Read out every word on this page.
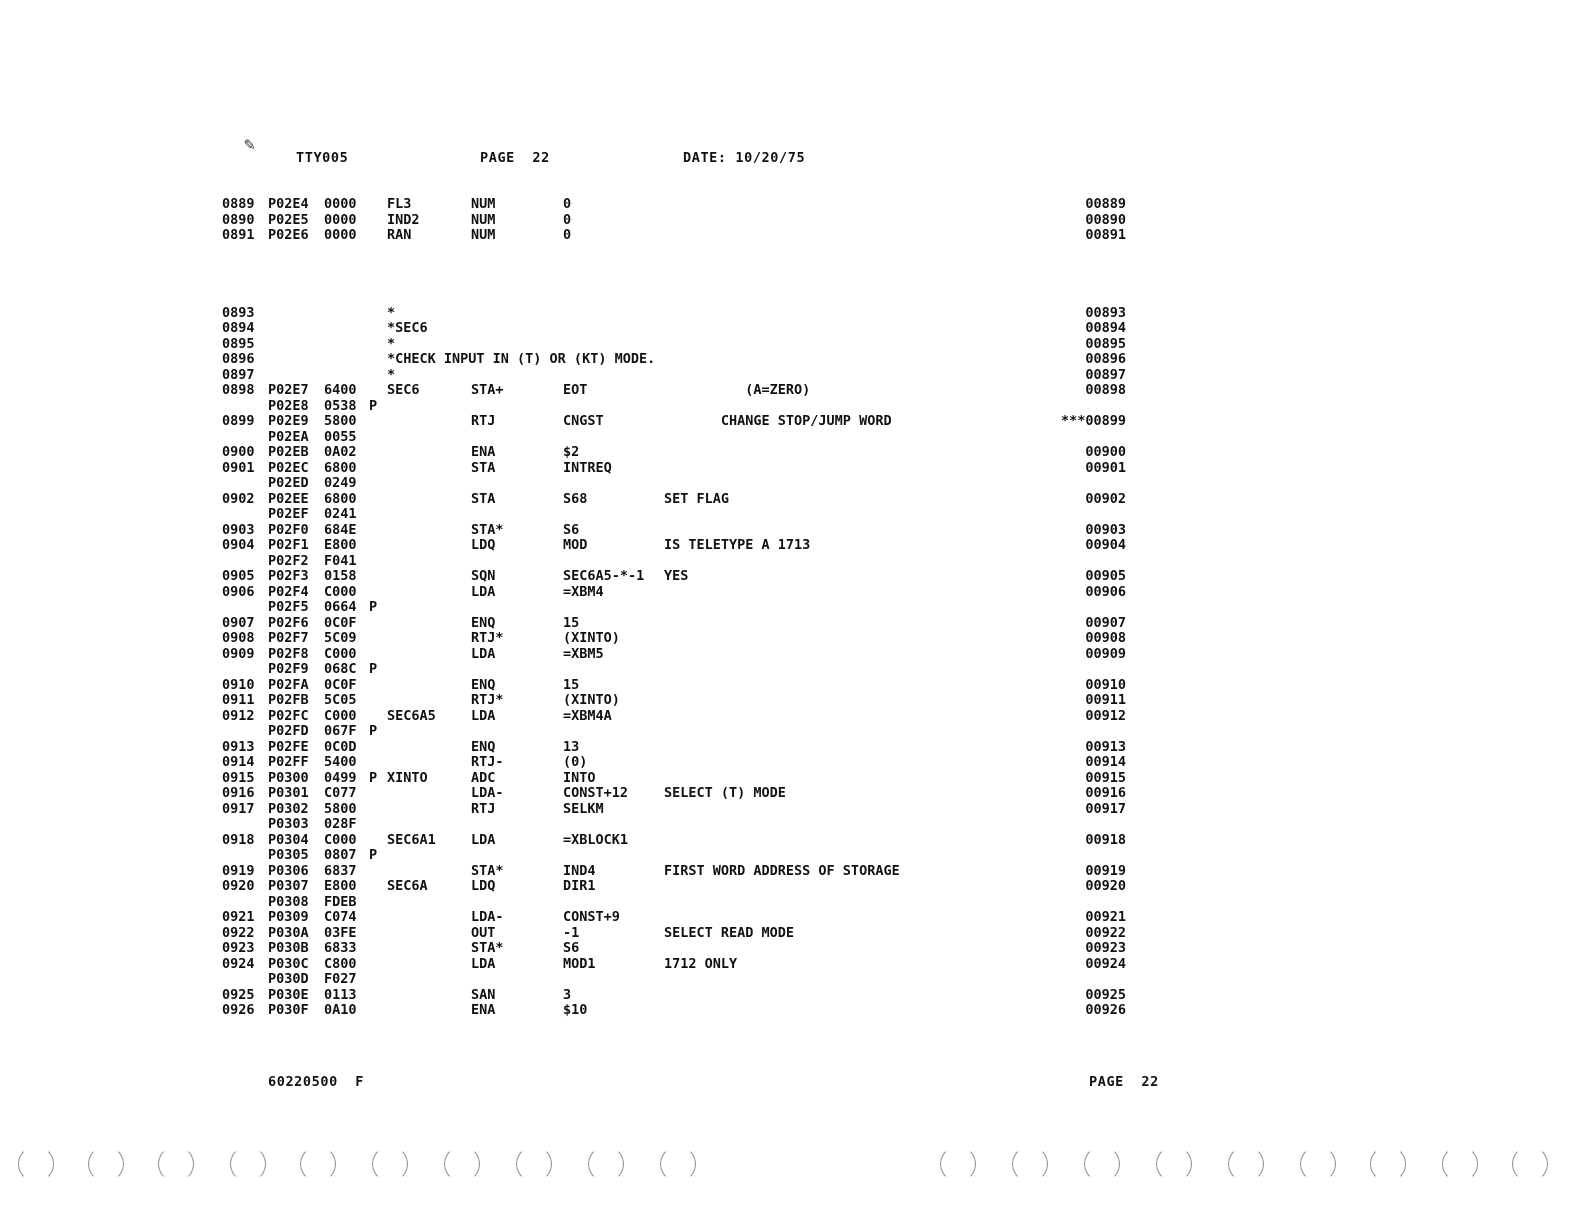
✎
TTY005	PAGE  22	DATE: 10/20/75
0889 P02E4 0000 FL3	NUM	0	00889
0890 P02E5 0000 IND2	NUM	0	00890
0891 P02E6 0000 RAN	NUM	0	00891
0893	*	00893
0894	*SEC6	00894
0895	*	00895
0896	*CHECK INPUT IN (T) OR (KT) MODE.	00896
0897	*	00897
0898 P02E7 6400 SEC6	STA+	EOT	(A=ZERO)	00898
P02E8 0538 P
0899 P02E9 5800	RTJ	CNGST	CHANGE STOP/JUMP WORD	***00899
P02EA 0055
0900 P02EB 0A02	ENA	$2	00900
0901 P02EC 6800	STA	INTREQ	00901
P02ED 0249
0902 P02EE 6800	STA	S68	SET FLAG	00902
P02EF 0241
0903 P02F0 684E	STA*	S6	00903
0904 P02F1 E800	LDQ	MOD	IS TELETYPE A 1713	00904
P02F2 F041
0905 P02F3 0158	SQN	SEC6A5-*-1 YES	00905
0906 P02F4 C000	LDA	=XBM4	00906
P02F5 0664 P
0907 P02F6 0C0F	ENQ	15	00907
0908 P02F7 5C09	RTJ*	(XINTO)	00908
0909 P02F8 C000	LDA	=XBM5	00909
P02F9 068C P
0910 P02FA 0C0F	ENQ	15	00910
0911 P02FB 5C05	RTJ*	(XINTO)	00911
0912 P02FC C000 SEC6A5	LDA	=XBM4A	00912
P02FD 067F P
0913 P02FE 0C0D	ENQ	13	00913
0914 P02FF 5400	RTJ-	(0)	00914
0915 P0300 0499 P XINTO	ADC	INTO	00915
0916 P0301 C077	LDA-	CONST+12	SELECT (T) MODE	00916
0917 P0302 5800	RTJ	SELKM	00917
P0303 028F
0918 P0304 C000 SEC6A1	LDA	=XBLOCK1	00918
P0305 0807 P
0919 P0306 6837	STA*	IND4	FIRST WORD ADDRESS OF STORAGE	00919
0920 P0307 E800 SEC6A	LDQ	DIR1	00920
P0308 FDEB
0921 P0309 C074	LDA-	CONST+9	00921
0922 P030A 03FE	OUT	-1	SELECT READ MODE	00922
0923 P030B 6833	STA*	S6	00923
0924 P030C C800	LDA	MOD1	1712 ONLY	00924
P030D F027
0925 P030E 0113	SAN	3	00925
0926 P030F 0A10	ENA	$10	00926
60220500  F	PAGE  22
